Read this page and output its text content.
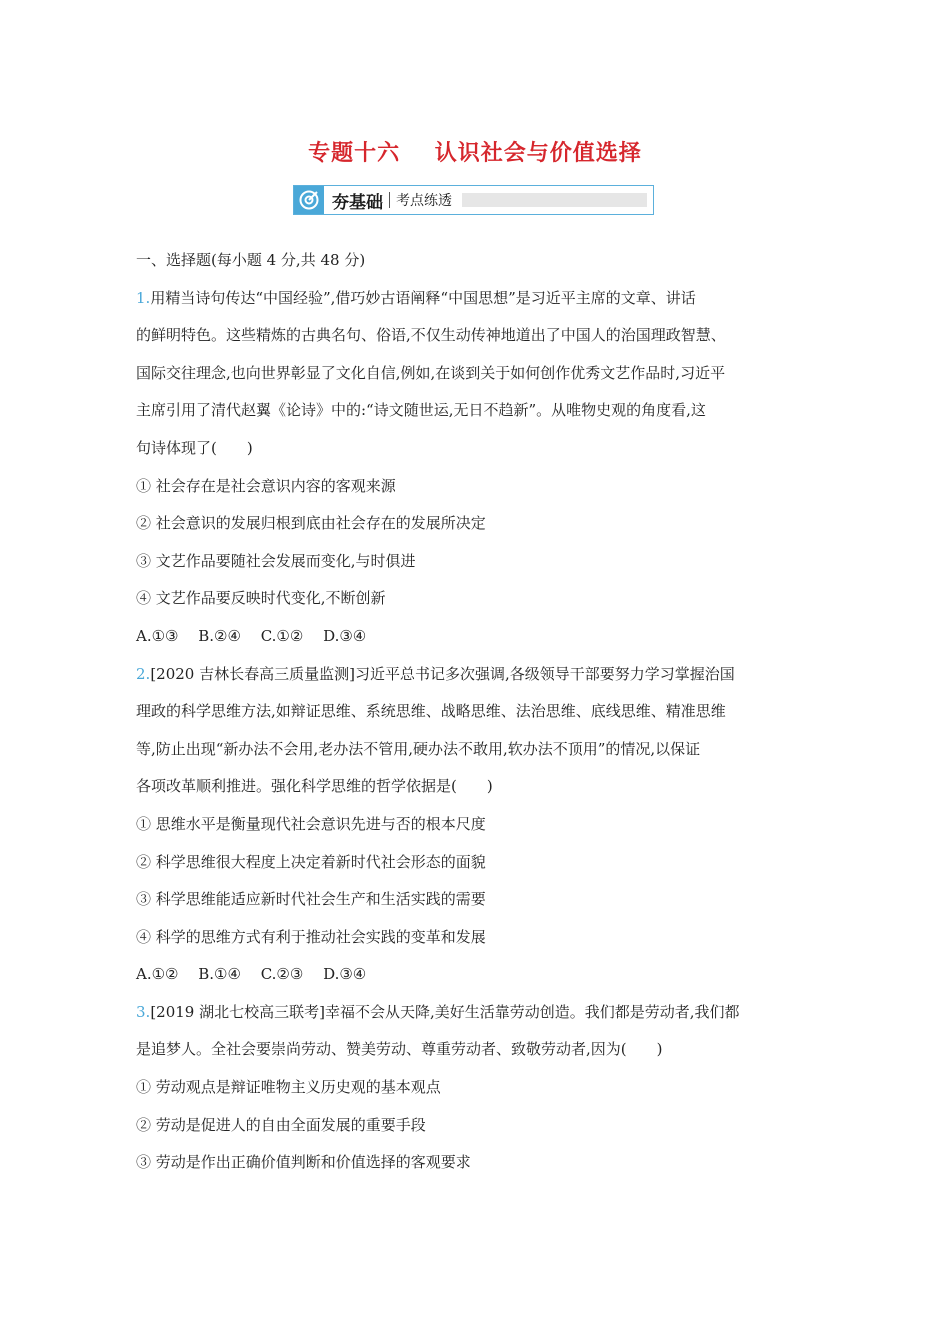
专题十六    认识社会与价值选择
夯基础 考点练透
一、选择题(每小题 4 分,共 48 分)
1.用精当诗句传达“中国经验”,借巧妙古语阐释“中国思想”是习近平主席的文章、讲话
的鲜明特色。这些精炼的古典名句、俗语,不仅生动传神地道出了中国人的治国理政智慧、
国际交往理念,也向世界彰显了文化自信,例如,在谈到关于如何创作优秀文艺作品时,习近平
主席引用了清代赵翼《论诗》中的:“诗文随世运,无日不趋新”。从唯物史观的角度看,这
句诗体现了(　　)
① 社会存在是社会意识内容的客观来源
② 社会意识的发展归根到底由社会存在的发展所决定
③ 文艺作品要随社会发展而变化,与时俱进
④ 文艺作品要反映时代变化,不断创新
A.①③　 B.②④　 C.①②　 D.③④
2.[2020 吉林长春高三质量监测]习近平总书记多次强调,各级领导干部要努力学习掌握治国
理政的科学思维方法,如辩证思维、系统思维、战略思维、法治思维、底线思维、精准思维
等,防止出现“新办法不会用,老办法不管用,硬办法不敢用,软办法不顶用”的情况,以保证
各项改革顺利推进。强化科学思维的哲学依据是(　　)
① 思维水平是衡量现代社会意识先进与否的根本尺度
② 科学思维很大程度上决定着新时代社会形态的面貌
③ 科学思维能适应新时代社会生产和生活实践的需要
④ 科学的思维方式有利于推动社会实践的变革和发展
A.①②　 B.①④　 C.②③　 D.③④
3.[2019 湖北七校高三联考]幸福不会从天降,美好生活靠劳动创造。我们都是劳动者,我们都
是追梦人。全社会要崇尚劳动、赞美劳动、尊重劳动者、致敬劳动者,因为(　　)
① 劳动观点是辩证唯物主义历史观的基本观点
② 劳动是促进人的自由全面发展的重要手段
③ 劳动是作出正确价值判断和价值选择的客观要求
